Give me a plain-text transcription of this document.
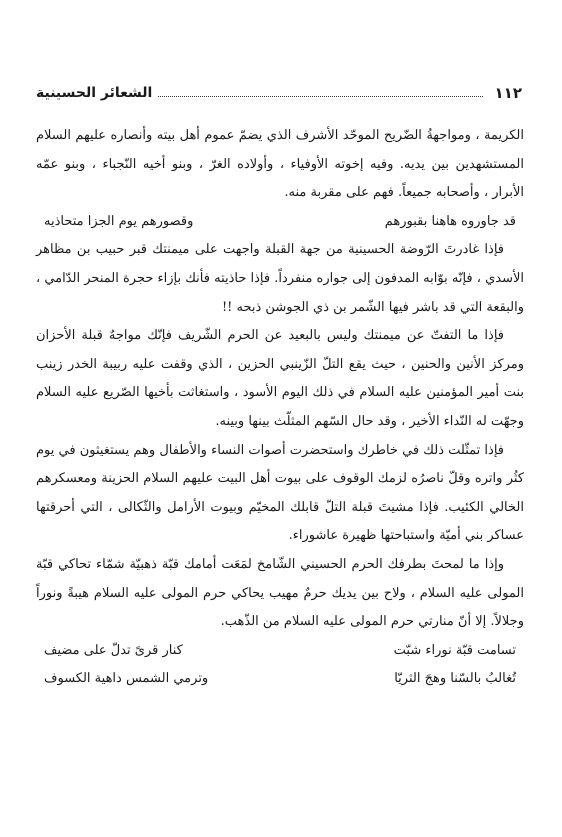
١١٢
الشعائر الحسينية

الكريمة ، ومواجهةُ الضّريح الموحّد الأشرف الذي يضمّ عموم أهل بيته وأنصاره عليهم السلام المستشهدين بين يديه. وفيه إخوته الأوفياء ، وأولاده الغرّ ، وبنو أخيه النّجباء ، وبنو عمّه الأبرار ، وأصحابه جميعاً. فهم على مقربة منه.

قد جاوروه هاهنا بقبورهم
وقصورهم يوم الجزا متحاذيه

فإذا غادرتَ الرّوضة الحسينية من جهة القبلة واجهت على ميمنتك قبر حبيب بن مظاهر الأسدي ، فإنّه بوّابه المدفون إلى جواره منفرداً. فإذا حاذيته فأنك بإزاء حجرة المنحر الدّامي ، والبقعة التي قد باشر فيها الشّمر بن ذي الجوشن ذبحه !!

فإذا ما التفتّ عن ميمنتك وليس بالبعيد عن الحرم الشّريف فإنّك مواجهٌ قبلة الأحزان ومركز الأنين والحنين ، حيث يقع التلّ الزّينبي الحزين ، الذي وقفت عليه ربيبة الخدر زينب بنت أمير المؤمنين عليه السلام في ذلك اليوم الأسود ، واستغاثت بأخيها الصّريع عليه السلام وجهّت له النّداء الأخير ، وقد حال السّهم المثلّث بينها وبينه.

فإذا تمثّلت ذلك في خاطرك واستحضرت أصوات النساء والأطفال وهم يستغيثون في يوم كثُر واتره وقلّ ناصرُه لزمك الوقوف على بيوت أهل البيت عليهم السلام الحزينة ومعسكرهم الخالي الكئيب. فإذا مشيتَ قبلة التلّ قابلك المخيّم وبيوت الأرامل والثّكالى ، التي أحرقتها عساكر بني أميّة واستباحتها ظهيرة عاشوراء.

وإذا ما لمحتَ بطرفك الحرم الحسيني الشّامخ لمَعَت أمامك قبّة ذهبيّة شمّاء تحاكي قبّة المولى عليه السلام ، ولاح بين يديك حرمٌ مهيب يحاكي حرم المولى عليه السلام هيبةً ونوراً وجلالاً. إلا أنّ منارتي حرم المولى عليه السلام من الذّهب.

تسامت قبّة نوراء شبّت
كنار قرىً تدلّ على مضيف
تُغالبُ بالسّنا وهجَ الثريّا
وترمي الشمس داهية الكسوف
